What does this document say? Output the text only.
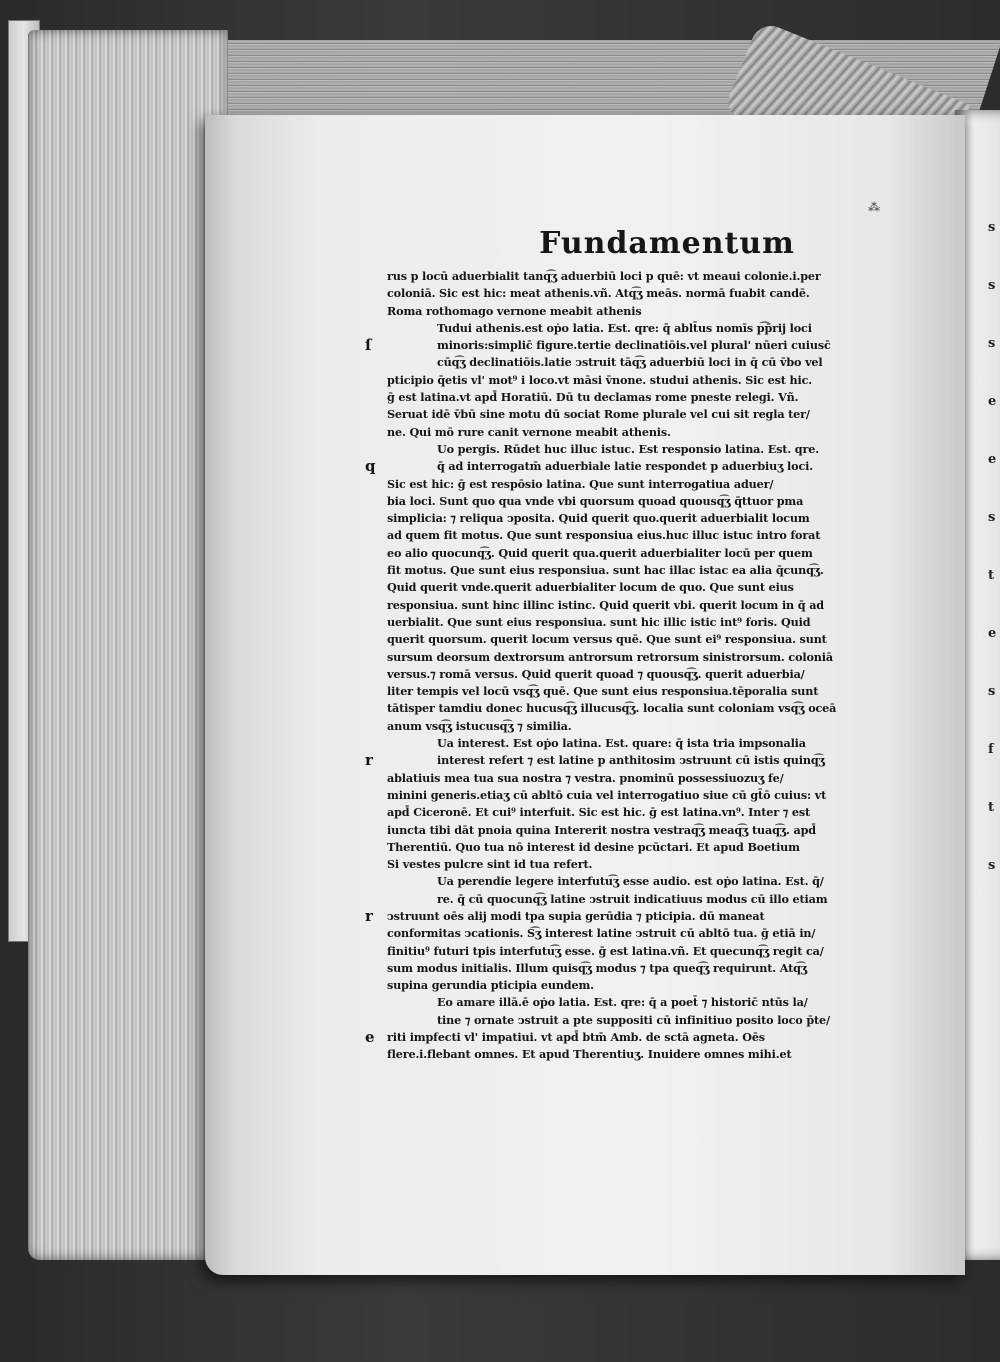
s
s
s
e
e
s
t
e
s
f
t
s
⁂
Fundamentum
rus p locū aduerbialit tanq͡ʒ aduerbiū loci p quē: vt meaui colonie.i.per
coloniā. Sic est hic: meat athenis.vñ. Atq͡ʒ meās. normā fuabit candē.
Roma rothomago vernone meabit athenis
Tudui athenis.est oṗo latia. Est. qre: q̄ ablt̄us nomīs p͡p̄rij loci
minoris:simplic̄ figure.tertie declinatiōis.vel plural' nūeri cuiusc̄
ſ
cūq͡ʒ declinatiōis.latie ↄstruit tāq͡ʒ aduerbiū loci in q̄ cū v̄bo vel
pticipio q̄etis vl' mot⁹ i loco.vt māsi v̄none. studui athenis. Sic est hic.
ḡ est latina.vt apd̄ Horatiū. Dū tu declamas rome pneste relegi. Vñ.
Seruat idē v̄bū sine motu dū sociat Rome plurale vel cui sit regla ter/
ne. Qui mō rure canit vernone meabit athenis.
Uo pergis. Rūdet huc illuc istuc. Est responsio latina. Est. qre.
q̄ ad interrogatm̄ aduerbiale latie respondet p aduerbiuʒ loci.
q
Sic est hic: ḡ est respōsio latina. Que sunt interrogatiua aduer/
bia loci. Sunt quo qua vnde vbi quorsum quoad quousq͡ʒ q̄ttuor pma
simplicia: ⁊ reliqua ↄposita. Quid querit quo.querit aduerbialit locum
ad quem fit motus. Que sunt responsiua eius.huc illuc istuc intro forat
eo alio quocunq͡ʒ. Quid querit qua.querit aduerbialiter locū per quem
fit motus. Que sunt eius responsiua. sunt hac illac istac ea alia q̄cunq͡ʒ.
Quid querit vnde.querit aduerbialiter locum de quo. Que sunt eius
responsiua. sunt hinc illinc istinc. Quid querit vbi. querit locum in q̄ ad
uerbialit. Que sunt eius responsiua. sunt hic illic istic int⁹ foris. Quid
querit quorsum. querit locum versus quē. Que sunt ei⁹ responsiua. sunt
sursum deorsum dextrorsum antrorsum retrorsum sinistrorsum. coloniā
versus.⁊ romā versus. Quid querit quoad ⁊ quousq͡ʒ. querit aduerbia/
liter tempis vel locū vsq͡ʒ quē. Que sunt eius responsiua.tēporalia sunt
tātisper tamdiu donec hucusq͡ʒ illucusq͡ʒ. localia sunt coloniam vsq͡ʒ oceā
anum vsq͡ʒ istucusq͡ʒ ⁊ similia.
Ua interest. Est oṗo latina. Est. quare: q̄ ista tria impsonalia
interest refert ⁊ est latine p anthitosim ↄstruunt cū istis quinq͡ʒ
r
ablatiuis mea tua sua nostra ⁊ vestra. pnominū possessiuozuʒ fe/
minini generis.etiaʒ cū abltō cuia vel interrogatiuo siue cū gt̄ō cuius: vt
apd̄ Ciceronē. Et cui⁹ interfuit. Sic est hic. ḡ est latina.vn⁹. Inter ⁊ est
iuncta tibi dāt pnoia quina Intererit nostra vestraq͡ʒ meaq͡ʒ tuaq͡ʒ. apd̄
Therentiū. Quo tua nō interest id desine pcūctari. Et apud Boetium
Si vestes pulcre sint id tua refert.
Ua perendie legere interfutu͡ʒ esse audio. est oṗo latina. Est. q̄/
re. q̄ cū quocunq͡ʒ latine ↄstruit indicatiuus modus cū illo etiam
ↄstruunt oēs alij modi tpa supia gerūdia ⁊ pticipia. dū maneat
r
conformitas ↄcationis. S͡ʒ interest latine ↄstruit cū abltō tua. ḡ etiā in/
finitiu⁹ futuri tpis interfutu͡ʒ esse. ḡ est latina.vñ. Et quecunq͡ʒ regit ca/
sum modus initialis. Illum quisq͡ʒ modus ⁊ tpa queq͡ʒ requirunt. Atq͡ʒ
supina gerundia pticipia eundem.
Eo amare illā.ē oṗo latia. Est. qre: q̄ a poet̄ ⁊ historic̄ ntūs la/
tine ⁊ ornate ↄstruit a pte suppositi cū infinitiuo posito loco p̄te/
riti impfecti vl' impatiui. vt apd̄ btm̄ Amb. de sctā agneta. Oēs
e
flere.i.flebant omnes. Et apud Therentiuʒ. Inuidere omnes mihi.et
